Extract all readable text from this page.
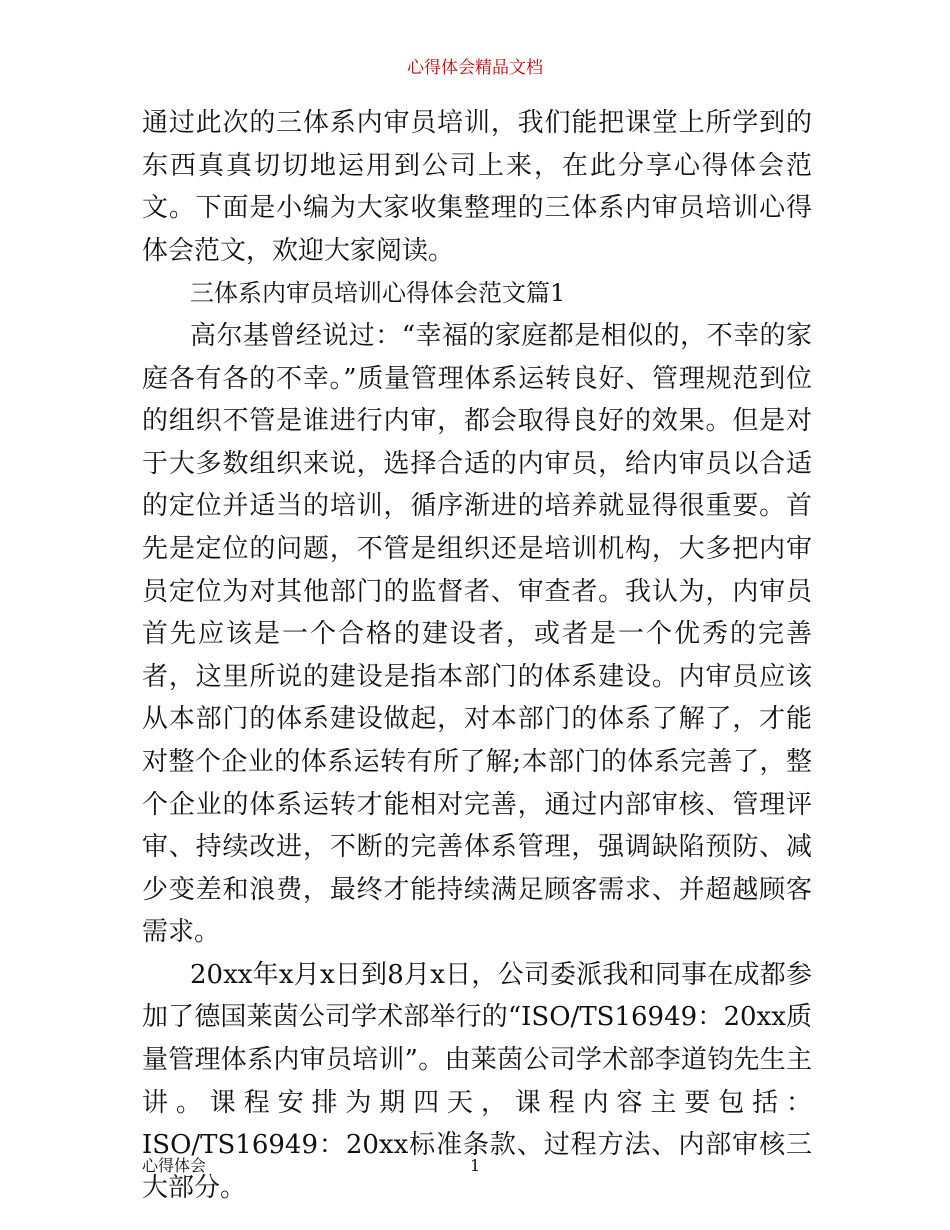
心得体会精品文档

通过此次的三体系内审员培训，我们能把课堂上所学到的东西真真切切地运用到公司上来，在此分享心得体会范文。下面是小编为大家收集整理的三体系内审员培训心得体会范文，欢迎大家阅读。

三体系内审员培训心得体会范文篇1

高尔基曾经说过：“幸福的家庭都是相似的，不幸的家庭各有各的不幸。”质量管理体系运转良好、管理规范到位的组织不管是谁进行内审，都会取得良好的效果。但是对于大多数组织来说，选择合适的内审员，给内审员以合适的定位并适当的培训，循序渐进的培养就显得很重要。首先是定位的问题，不管是组织还是培训机构，大多把内审员定位为对其他部门的监督者、审查者。我认为，内审员首先应该是一个合格的建设者，或者是一个优秀的完善者，这里所说的建设是指本部门的体系建设。内审员应该从本部门的体系建设做起，对本部门的体系了解了，才能对整个企业的体系运转有所了解;本部门的体系完善了，整个企业的体系运转才能相对完善，通过内部审核、管理评审、持续改进，不断的完善体系管理，强调缺陷预防、减少变差和浪费，最终才能持续满足顾客需求、并超越顾客需求。

20xx年x月x日到8月x日，公司委派我和同事在成都参加了德国莱茵公司学术部举行的“ISO/TS16949：20xx质量管理体系内审员培训”。由莱茵公司学术部李道钧先生主讲。课程安排为期四天，课程内容主要包括：ISO/TS16949：20xx标准条款、过程方法、内部审核三大部分。

心得体会	1
